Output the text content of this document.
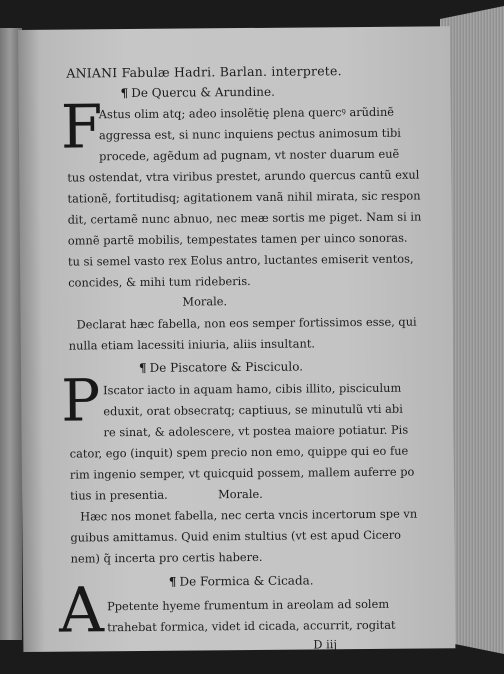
ANIANI Fabulæ Hadri. Barlan. interprete.
¶ De Quercu & Arundine.
F
Astus olim atq; adeo insolẽtię plena quercꝰ arũdinẽ
aggressa est, si nunc inquiens pectus animosum tibi
procede, agẽdum ad pugnam, vt noster duarum euẽ
tus ostendat, vtra viribus prestet, arundo quercus cantũ exul
tationẽ, fortitudisq; agitationem vanã nihil mirata, sic respon
dit, certamẽ nunc abnuo, nec meæ sortis me piget. Nam si in
omnẽ partẽ mobilis, tempestates tamen per uinco sonoras.
tu si semel vasto rex Eolus antro, luctantes emiserit ventos,
concides, & mihi tum rideberis.
Morale.
Declarat hæc fabella, non eos semper fortissimos esse, qui
nulla etiam lacessiti iniuria, aliis insultant.
¶ De Piscatore & Pisciculo.
P Iscator iacto in aquam hamo, cibis illito, pisciculum
eduxit, orat obsecratq; captiuus, se minutulũ vti abi
re sinat, & adolescere, vt postea maiore potiatur. Pis
cator, ego (inquit) spem precio non emo, quippe qui eo fue
rim ingenio semper, vt quicquid possem, mallem auferre po
tius in presentia.	Morale.
Hæc nos monet fabella, nec certa vncis incertorum spe vn
guibus amittamus. Quid enim stultius (vt est apud Cicero
nem) q̃ incerta pro certis habere.
¶ De Formica & Cicada.
A Ppetente hyeme frumentum in areolam ad solem
trahebat formica, videt id cicada, accurrit, rogitat
D iij
